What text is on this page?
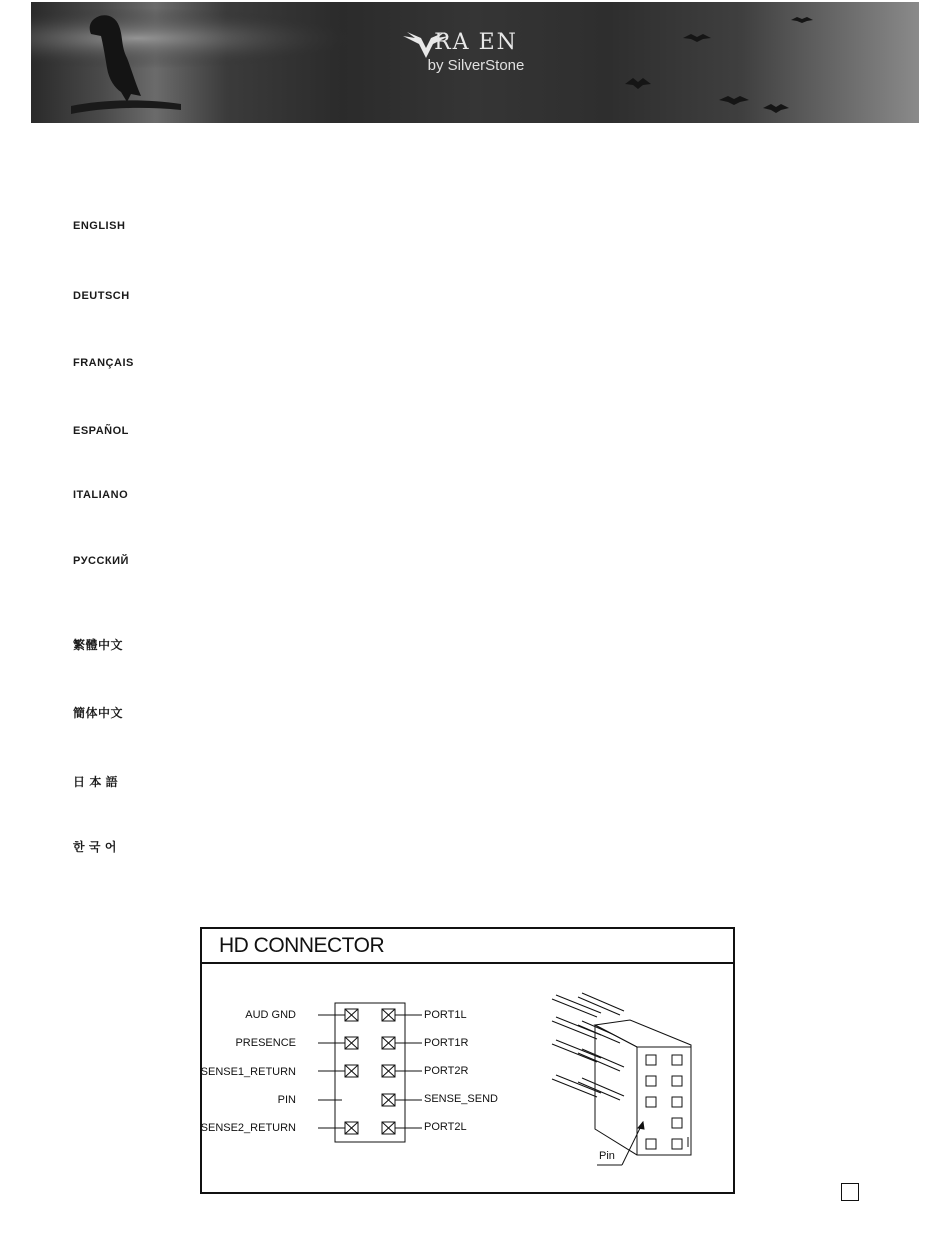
RA EN
by SilverStone
ENGLISH
DEUTSCH
FRANÇAIS
ESPAÑOL
ITALIANO
РУССКИЙ
繁體中文
簡体中文
日 本 語
한 국 어
HD CONNECTOR
AUD GND
PRESENCE
SENSE1_RETURN
PIN
SENSE2_RETURN
PORT1L
PORT1R
PORT2R
SENSE_SEND
PORT2L
Pin
